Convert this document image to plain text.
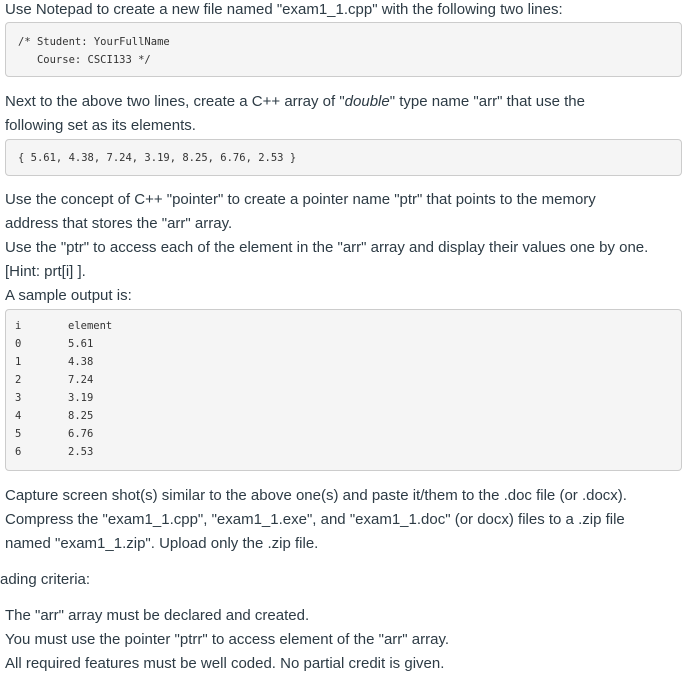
Use Notepad to create a new file named "exam1_1.cpp" with the following two lines:
/* Student: YourFullName
Course: CSCI133 */
Next to the above two lines, create a C++ array of "double" type name "arr" that use the
following set as its elements.
{ 5.61, 4.38, 7.24, 3.19, 8.25, 6.76, 2.53 }
Use the concept of C++ "pointer" to create a pointer name "ptr" that points to the memory
address that stores the "arr" array.
Use the "ptr" to access each of the element in the "arr" array and display their values one by one.
[Hint: prt[i] ].
A sample output is:
i	element
0	5.61
1	4.38
2	7.24
3	3.19
4	8.25
5	6.76
6	2.53
Capture screen shot(s) similar to the above one(s) and paste it/them to the .doc file (or .docx).
Compress the "exam1_1.cpp", "exam1_1.exe", and "exam1_1.doc" (or docx) files to a .zip file
named "exam1_1.zip". Upload only the .zip file.
ading criteria:
The "arr" array must be declared and created.
You must use the pointer "ptrr" to access element of the "arr" array.
All required features must be well coded. No partial credit is given.
